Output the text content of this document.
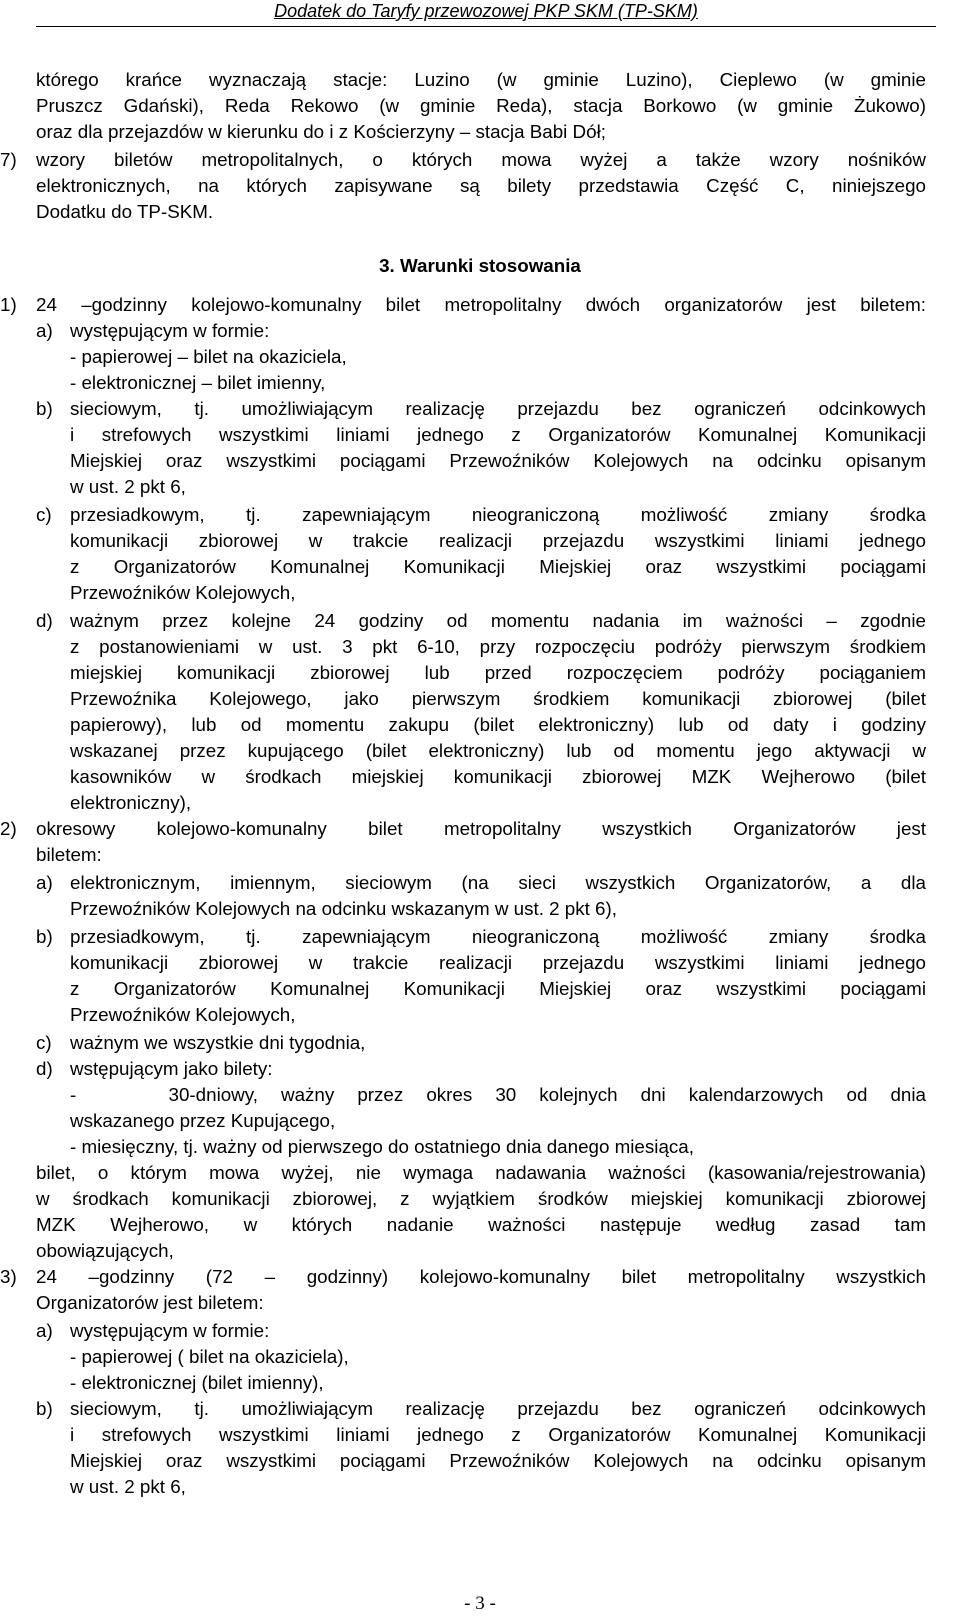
Dodatek do Taryfy przewozowej PKP SKM (TP-SKM)
którego krańce wyznaczają stacje: Luzino (w gminie Luzino), Cieplewo (w gminie
Pruszcz Gdański), Reda Rekowo (w gminie Reda), stacja Borkowo (w gminie Żukowo)
oraz dla przejazdów w kierunku do i z Kościerzyny – stacja Babi Dół;
7) wzory biletów metropolitalnych, o których mowa wyżej a także wzory nośników
elektronicznych, na których zapisywane są bilety przedstawia Część C, niniejszego
Dodatku do TP-SKM.
3. Warunki stosowania
1) 24 –godzinny kolejowo-komunalny bilet metropolitalny dwóch organizatorów jest biletem:
a) występującym w formie:
- papierowej – bilet na okaziciela,
- elektronicznej – bilet imienny,
b) sieciowym, tj. umożliwiającym realizację przejazdu bez ograniczeń odcinkowych
i strefowych wszystkimi liniami jednego z Organizatorów Komunalnej Komunikacji
Miejskiej oraz wszystkimi pociągami Przewoźników Kolejowych na odcinku opisanym
w ust. 2 pkt 6,
c) przesiadkowym, tj. zapewniającym nieograniczoną możliwość zmiany środka
komunikacji zbiorowej w trakcie realizacji przejazdu wszystkimi liniami jednego
z Organizatorów Komunalnej Komunikacji Miejskiej oraz wszystkimi pociągami
Przewoźników Kolejowych,
d) ważnym przez kolejne 24 godziny od momentu nadania im ważności – zgodnie
z postanowieniami w ust. 3 pkt 6-10, przy rozpoczęciu podróży pierwszym środkiem
miejskiej komunikacji zbiorowej lub przed rozpoczęciem podróży pociąganiem
Przewoźnika Kolejowego, jako pierwszym środkiem komunikacji zbiorowej (bilet
papierowy), lub od momentu zakupu (bilet elektroniczny) lub od daty i godziny
wskazanej przez kupującego (bilet elektroniczny) lub od momentu jego aktywacji w
kasowników w środkach miejskiej komunikacji zbiorowej MZK Wejherowo (bilet
elektroniczny),
2) okresowy kolejowo-komunalny bilet metropolitalny wszystkich Organizatorów jest
biletem:
a) elektronicznym, imiennym, sieciowym (na sieci wszystkich Organizatorów, a dla
Przewoźników Kolejowych na odcinku wskazanym w ust. 2 pkt 6),
b) przesiadkowym, tj. zapewniającym nieograniczoną możliwość zmiany środka
komunikacji zbiorowej w trakcie realizacji przejazdu wszystkimi liniami jednego
z Organizatorów Komunalnej Komunikacji Miejskiej oraz wszystkimi pociągami
Przewoźników Kolejowych,
c) ważnym we wszystkie dni tygodnia,
d) wstępującym jako bilety:
-    30-dniowy, ważny przez okres 30 kolejnych dni kalendarzowych od dnia
wskazanego przez Kupującego,
- miesięczny, tj. ważny od pierwszego do ostatniego dnia danego miesiąca,
bilet, o którym mowa wyżej, nie wymaga nadawania ważności (kasowania/rejestrowania)
w środkach komunikacji zbiorowej, z wyjątkiem środków miejskiej komunikacji zbiorowej
MZK Wejherowo, w których nadanie ważności następuje według zasad tam
obowiązujących,
3) 24 –godzinny (72 – godzinny) kolejowo-komunalny bilet metropolitalny wszystkich
Organizatorów jest biletem:
a) występującym w formie:
- papierowej ( bilet na okaziciela),
- elektronicznej (bilet imienny),
b) sieciowym, tj. umożliwiającym realizację przejazdu bez ograniczeń odcinkowych
i strefowych wszystkimi liniami jednego z Organizatorów Komunalnej Komunikacji
Miejskiej oraz wszystkimi pociągami Przewoźników Kolejowych na odcinku opisanym
w ust. 2 pkt 6,
- 3 -
